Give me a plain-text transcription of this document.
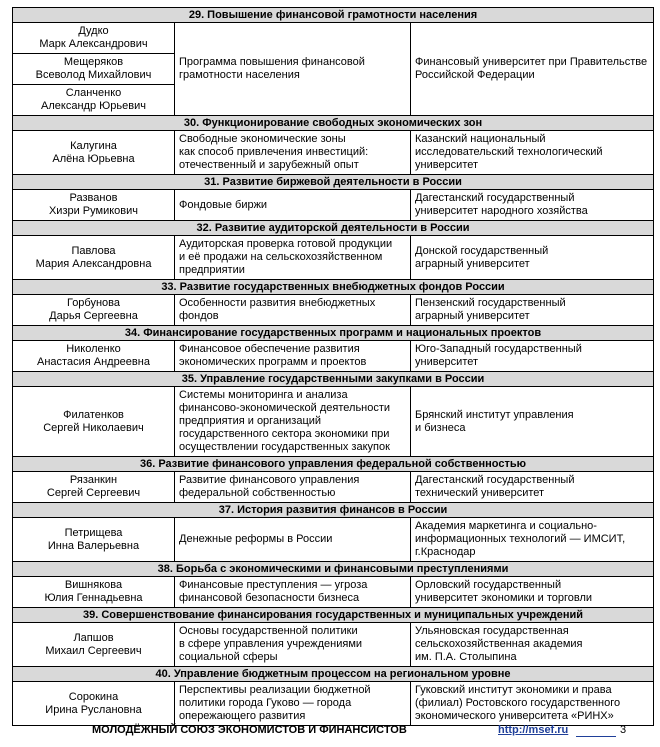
29. Повышение финансовой грамотности населения		
Дудко
Марк Александрович	Программа повышения финансовой грамотности населения	Финансовый университет при Правительстве Российской Федерации
Мещеряков
Всеволод Михайлович		
Сланченко
Александр Юрьевич		
30. Функционирование свободных экономических зон		
Калугина
Алёна Юрьевна	Свободные экономические зоны
как способ привлечения инвестиций:
отечественный и зарубежный опыт	Казанский национальный
исследовательский технологический
университет
31. Развитие биржевой деятельности в России		
Разванов
Хизри Румикович	Фондовые биржи	Дагестанский государственный
университет народного хозяйства
32. Развитие аудиторской деятельности в России		
Павлова
Мария Александровна	Аудиторская проверка готовой продукции
и её продажи на сельскохозяйственном
предприятии	Донской государственный
аграрный университет
33. Развитие государственных внебюджетных фондов России		
Горбунова
Дарья Сергеевна	Особенности развития внебюджетных
фондов	Пензенский государственный
аграрный университет
34. Финансирование государственных программ и национальных проектов		
Николенко
Анастасия Андреевна	Финансовое обеспечение развития
экономических программ и проектов	Юго-Западный государственный
университет
35. Управление государственными закупками в России		
Филатенков
Сергей Николаевич	Системы мониторинга и анализа
финансово-экономической деятельности
предприятия и организаций
государственного сектора экономики при
осуществлении государственных закупок	Брянский институт управления
и бизнеса
36. Развитие финансового управления федеральной собственностью		
Рязанкин
Сергей Сергеевич	Развитие финансового управления
федеральной собственностью	Дагестанский государственный
технический университет
37. История развития финансов в России		
Петрищева
Инна Валерьевна	Денежные реформы в России	Академия маркетинга и социально-
информационных технологий — ИМСИТ,
г.Краснодар
38. Борьба с экономическими и финансовыми преступлениями		
Вишнякова
Юлия Геннадьевна	Финансовые преступления — угроза
финансовой безопасности бизнеса	Орловский государственный
университет экономики и торговли
39. Совершенствование финансирования государственных и муниципальных учреждений		
Лапшов
Михаил Сергеевич	Основы государственной политики
в сфере управления учреждениями
социальной сферы	Ульяновская государственная
сельскохозяйственная академия
им. П.А. Столыпина
40. Управление бюджетным процессом на региональном уровне		
Сорокина
Ирина Руслановна	Перспективы реализации бюджетной
политики города Гуково — города
опережающего развития	Гуковский институт экономики и права
(филиал) Ростовского государственного
экономического университета «РИНХ»
МОЛОДЁЖНЫЙ СОЮЗ ЭКОНОМИСТОВ И ФИНАНСИСТОВ	http://msef.ru	3
